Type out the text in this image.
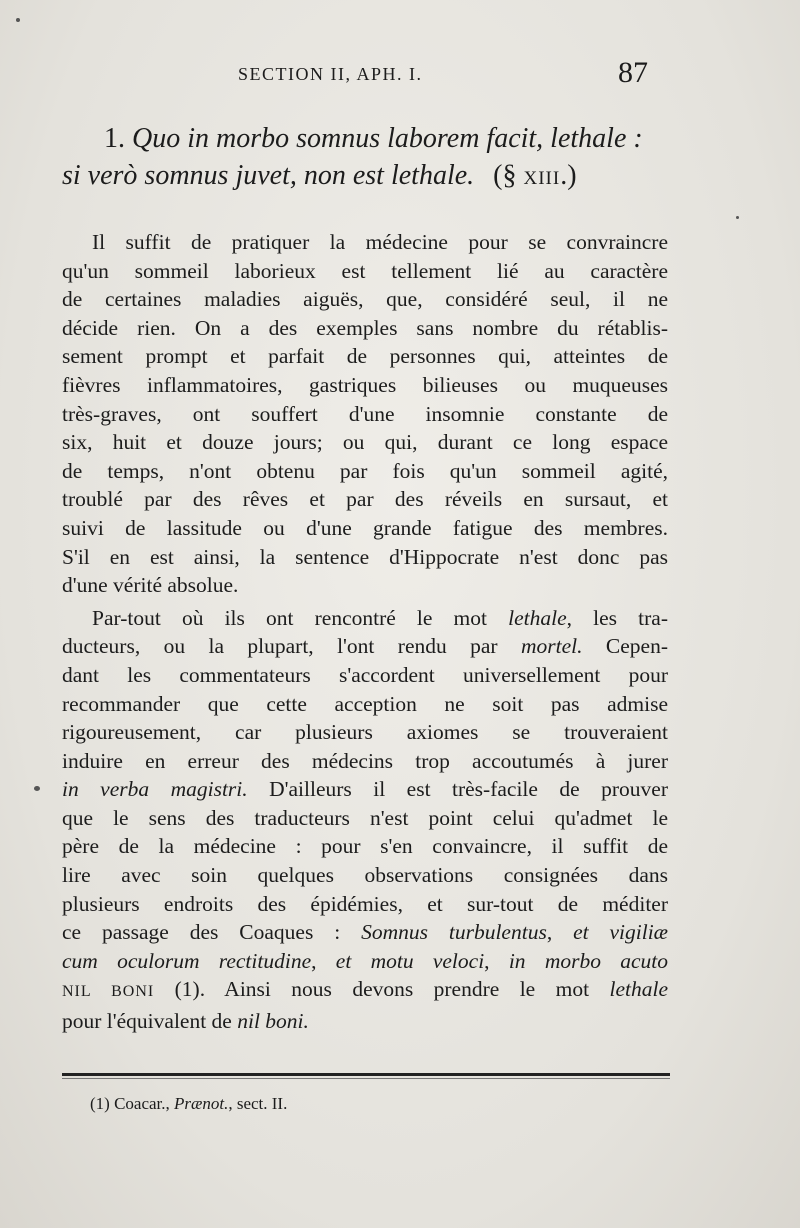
SECTION II, APH. I.	87
1. Quo in morbo somnus laborem facit, lethale :
si verò somnus juvet, non est lethale. (§ XIII.)
Il suffit de pratiquer la médecine pour se convraincre
qu'un sommeil laborieux est tellement lié au caractère
de certaines maladies aiguës, que, considéré seul, il ne
décide rien. On a des exemples sans nombre du rétablis-
sement prompt et parfait de personnes qui, atteintes de
fièvres inflammatoires, gastriques bilieuses ou muqueuses
très-graves, ont souffert d'une insomnie constante de
six, huit et douze jours; ou qui, durant ce long espace
de temps, n'ont obtenu par fois qu'un sommeil agité,
troublé par des rêves et par des réveils en sursaut, et
suivi de lassitude ou d'une grande fatigue des membres.
S'il en est ainsi, la sentence d'Hippocrate n'est donc pas
d'une vérité absolue.
Par-tout où ils ont rencontré le mot lethale, les tra-
ducteurs, ou la plupart, l'ont rendu par mortel. Cepen-
dant les commentateurs s'accordent universellement pour
recommander que cette acception ne soit pas admise
rigoureusement, car plusieurs axiomes se trouveraient
induire en erreur des médecins trop accoutumés à jurer
in verba magistri. D'ailleurs il est très-facile de prouver
que le sens des traducteurs n'est point celui qu'admet le
père de la médecine : pour s'en convaincre, il suffit de
lire avec soin quelques observations consignées dans
plusieurs endroits des épidémies, et sur-tout de méditer
ce passage des Coaques : Somnus turbulentus, et vigiliæ
cum oculorum rectitudine, et motu veloci, in morbo acuto
NIL BONI (1). Ainsi nous devons prendre le mot lethale
pour l'équivalent de nil boni.
(1) Coacar., Prænot., sect. II.
